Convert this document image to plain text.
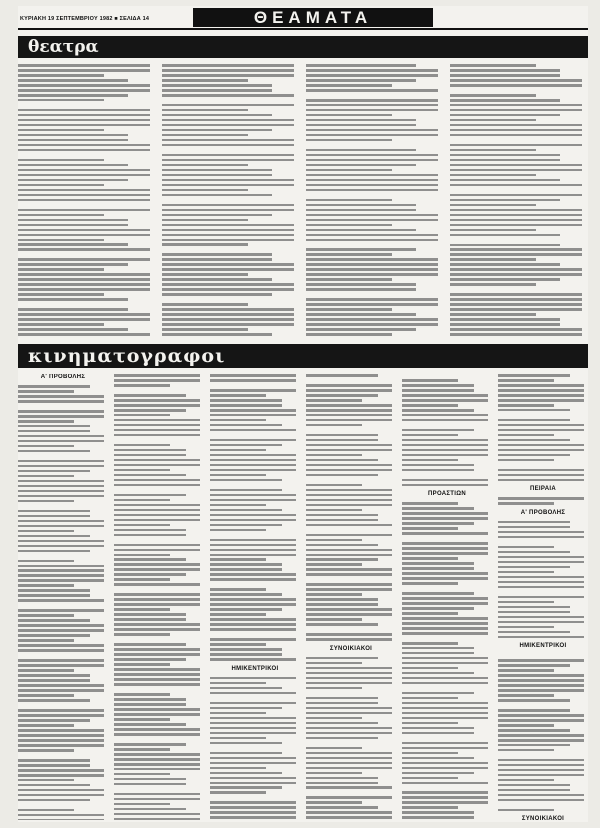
ΚΥΡΙΑΚΗ 19 ΣΕΠΤΕΜΒΡΙΟΥ 1982 ■ ΣΕΛΙΔΑ 14	ΘΕΑΜΑΤΑ
θεατρα
κινηματογραφοι
Α' ΠΡΟΒΟΛΗΣ
ΗΜΙΚΕΝΤΡΙΚΟΙ
ΣΥΝΟΙΚΙΑΚΟΙ
ΠΡΟΑΣΤΙΩΝ
ΠΕΙΡΑΙΑ
Α' ΠΡΟΒΟΛΗΣ
ΗΜΙΚΕΝΤΡΙΚΟΙ
ΣΥΝΟΙΚΙΑΚΟΙ
